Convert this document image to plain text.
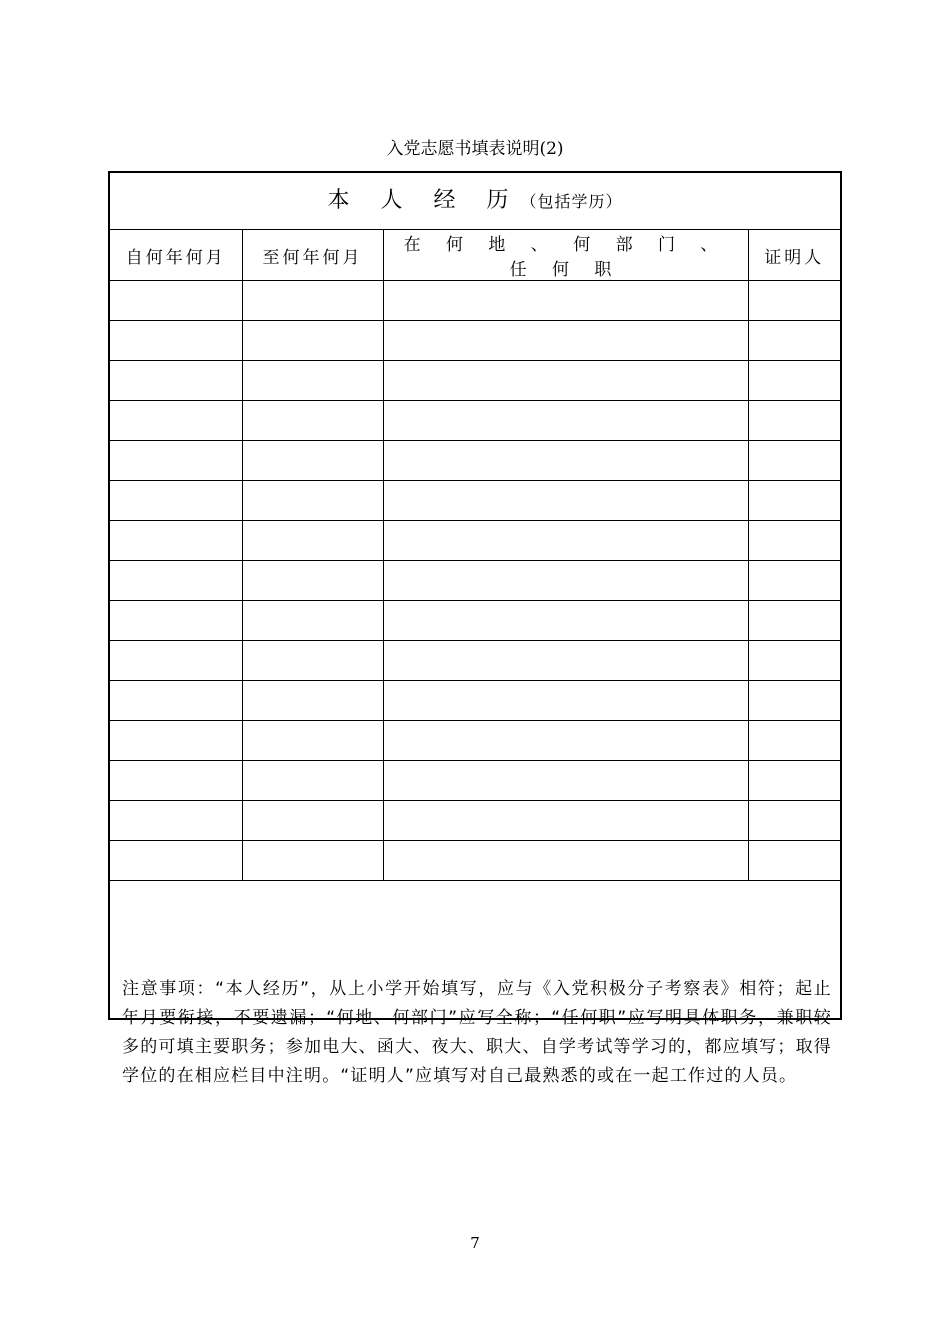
入党志愿书填表说明(2)
本 人 经 历（包括学历）
自何年何月	至何年何月	在 何 地 、 何 部 门 、 任 何 职	证明人

注意事项：“本人经历”，从上小学开始填写，应与《入党积极分子考察表》相符；起止年月要衔接，不要遗漏；“何地、何部门”应写全称；“任何职”应写明具体职务，兼职较多的可填主要职务；参加电大、函大、夜大、职大、自学考试等学习的，都应填写；取得学位的在相应栏目中注明。“证明人”应填写对自己最熟悉的或在一起工作过的人员。
7
